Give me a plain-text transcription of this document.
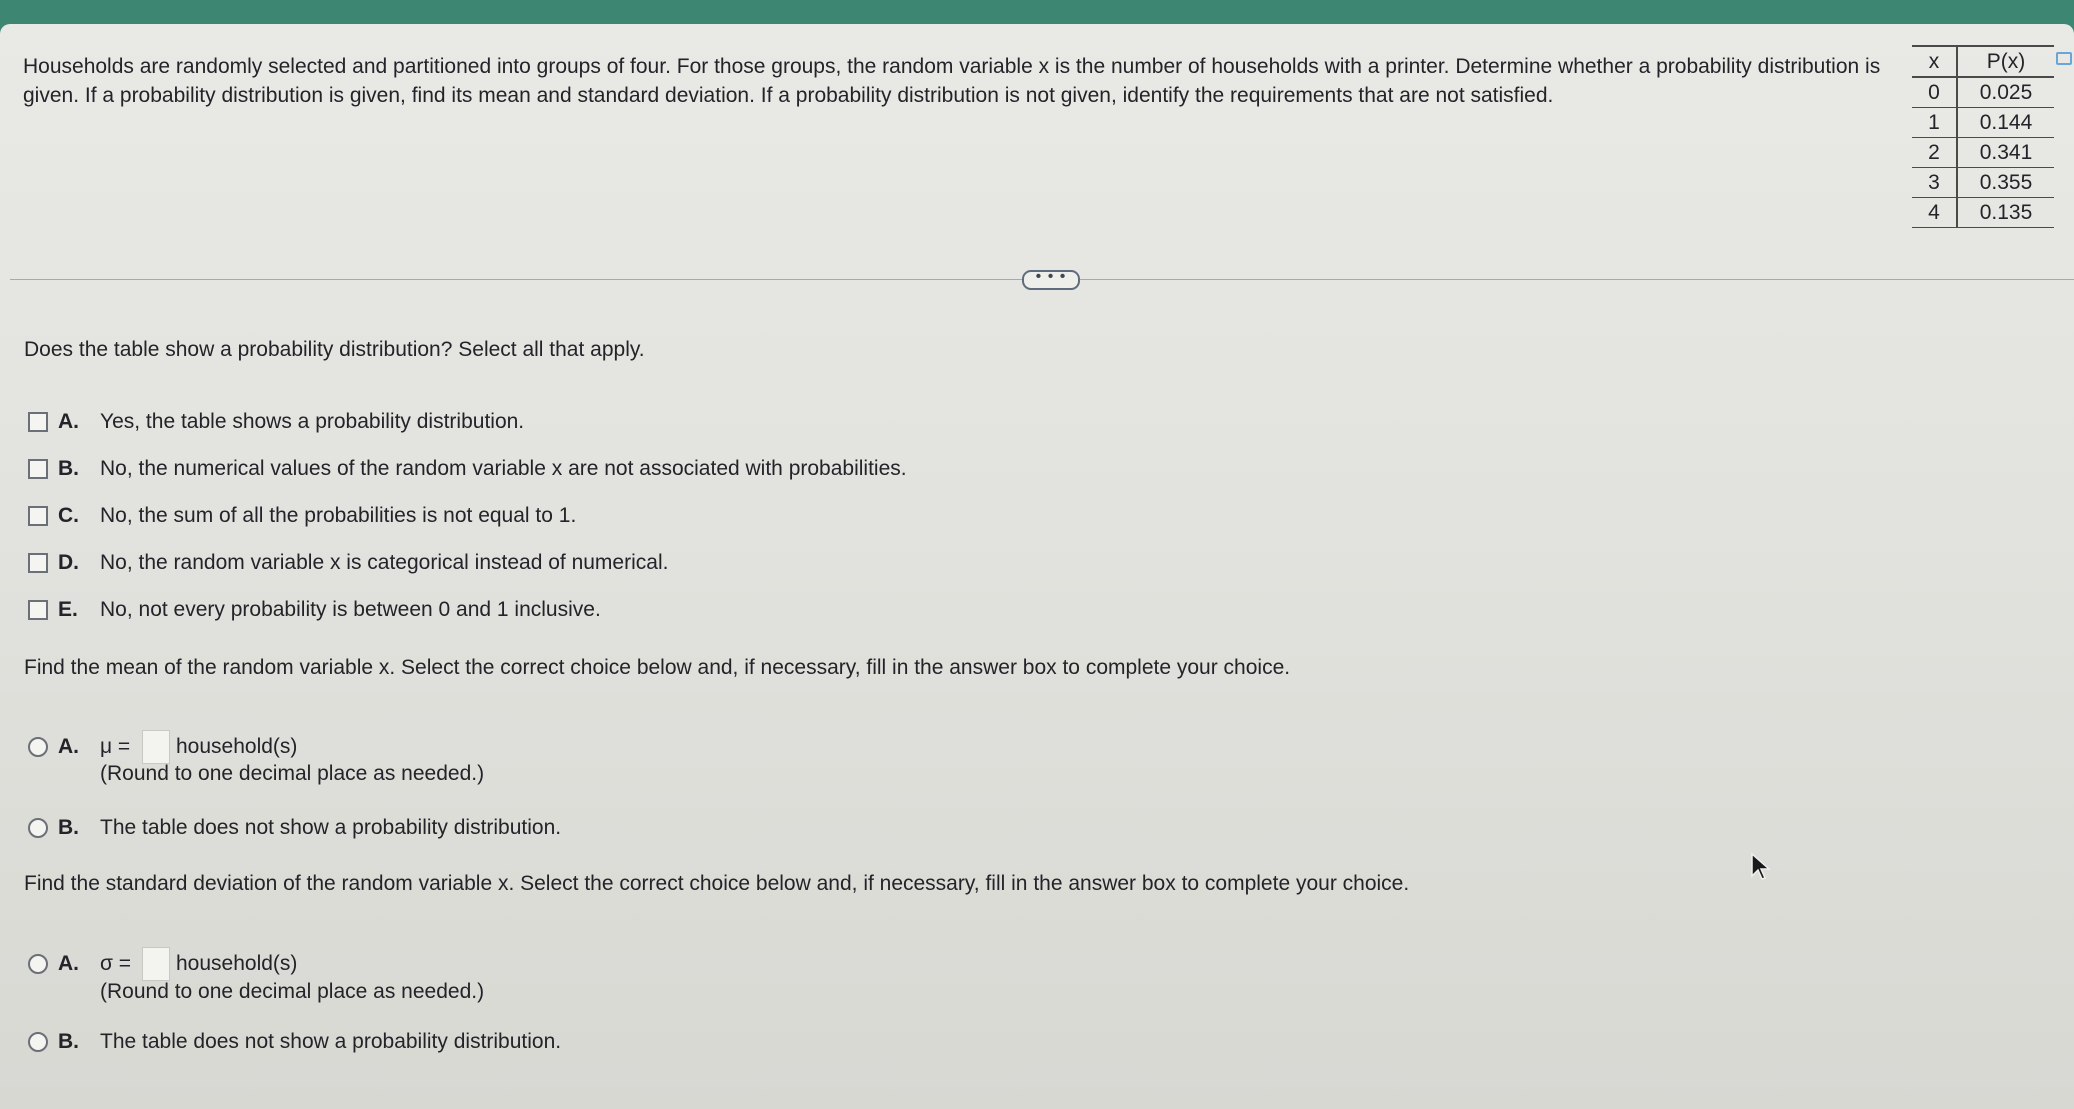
Households are randomly selected and partitioned into groups of four. For those groups, the random variable x is the number of households with a printer. Determine whether a probability distribution is given. If a probability distribution is given, find its mean and standard deviation. If a probability distribution is not given, identify the requirements that are not satisfied.
x	P(x)
0	0.025
1	0.144
2	0.341
3	0.355
4	0.135
• • •
Does the table show a probability distribution? Select all that apply.
A.	Yes, the table shows a probability distribution.
B.	No, the numerical values of the random variable x are not associated with probabilities.
C.	No, the sum of all the probabilities is not equal to 1.
D.	No, the random variable x is categorical instead of numerical.
E.	No, not every probability is between 0 and 1 inclusive.
Find the mean of the random variable x. Select the correct choice below and, if necessary, fill in the answer box to complete your choice.
A.	μ =	household(s)
(Round to one decimal place as needed.)
B.	The table does not show a probability distribution.
Find the standard deviation of the random variable x. Select the correct choice below and, if necessary, fill in the answer box to complete your choice.
A.	σ =	household(s)
(Round to one decimal place as needed.)
B.	The table does not show a probability distribution.
